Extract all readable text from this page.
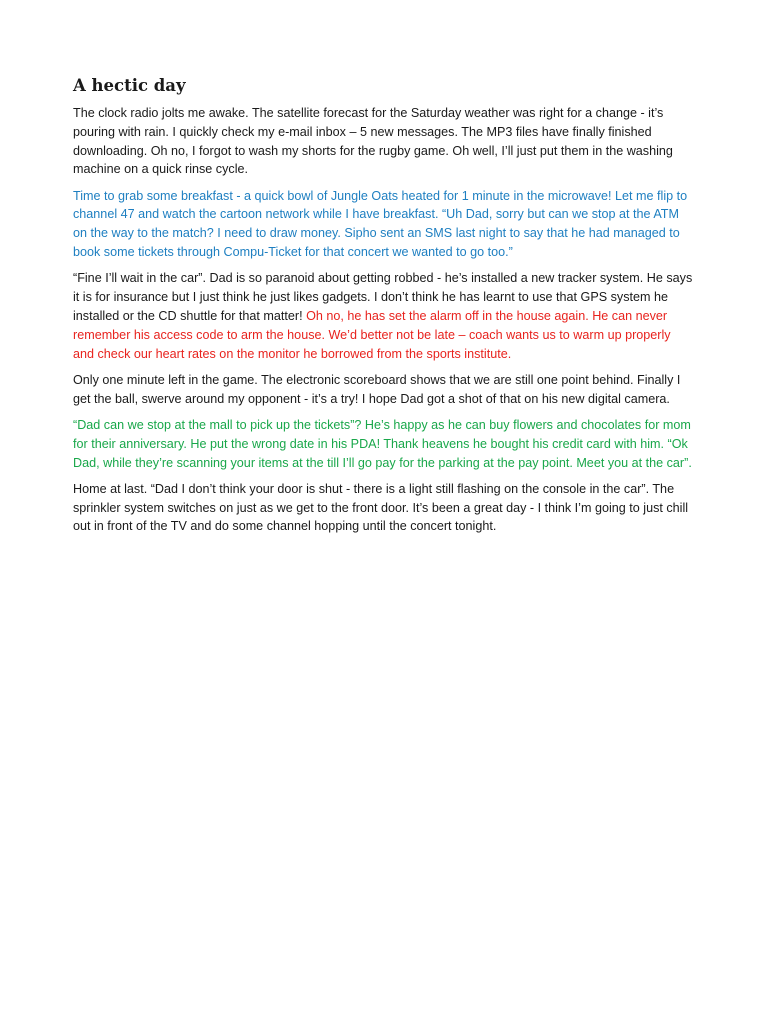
A hectic day

The clock radio jolts me awake. The satellite forecast for the Saturday weather was right for a change - it’s pouring with rain. I quickly check my e-mail inbox – 5 new messages. The MP3 files have finally finished downloading. Oh no, I forgot to wash my shorts for the rugby game. Oh well, I’ll just put them in the washing machine on a quick rinse cycle.

Time to grab some breakfast - a quick bowl of Jungle Oats heated for 1 minute in the microwave! Let me flip to channel 47 and watch the cartoon network while I have breakfast. “Uh Dad, sorry but can we stop at the ATM on the way to the match? I need to draw money. Sipho sent an SMS last night to say that he had managed to book some tickets through Compu-Ticket for that concert we wanted to go too.”

“Fine I’ll wait in the car”. Dad is so paranoid about getting robbed - he’s installed a new tracker system. He says it is for insurance but I just think he just likes gadgets. I don’t think he has learnt to use that GPS system he installed or the CD shuttle for that matter! Oh no, he has set the alarm off in the house again. He can never remember his access code to arm the house. We’d better not be late – coach wants us to warm up properly and check our heart rates on the monitor he borrowed from the sports institute.

Only one minute left in the game. The electronic scoreboard shows that we are still one point behind. Finally I get the ball, swerve around my opponent - it’s a try! I hope Dad got a shot of that on his new digital camera.

“Dad can we stop at the mall to pick up the tickets”? He’s happy as he can buy flowers and chocolates for mom for their anniversary. He put the wrong date in his PDA! Thank heavens he bought his credit card with him. “Ok Dad, while they’re scanning your items at the till I’ll go pay for the parking at the pay point. Meet you at the car”.

Home at last. “Dad I don’t think your door is shut - there is a light still flashing on the console in the car”. The sprinkler system switches on just as we get to the front door. It’s been a great day - I think I’m going to just chill out in front of the TV and do some channel hopping until the concert tonight.
